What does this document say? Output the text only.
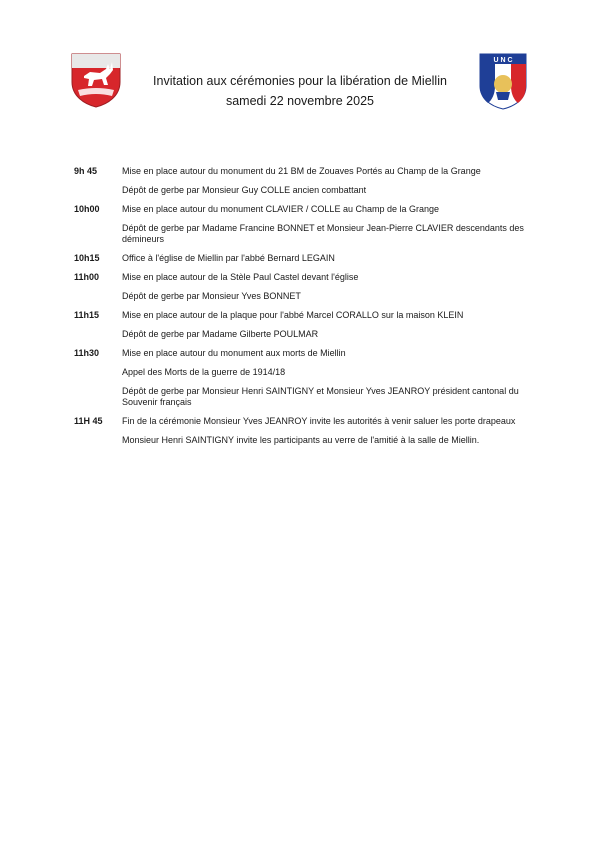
U N C
Invitation aux cérémonies pour la libération de Miellin
samedi 22 novembre 2025
9h 45	Mise en place autour du monument du 21 BM de Zouaves Portés au Champ de la Grange
Dépôt de gerbe par Monsieur Guy COLLE ancien combattant
10h00	Mise en place autour du monument CLAVIER / COLLE au Champ de la Grange
Dépôt de gerbe par Madame Francine BONNET et Monsieur Jean-Pierre CLAVIER descendants des démineurs
10h15	Office à l'église de Miellin par l'abbé Bernard LEGAIN
11h00	Mise en place autour de la Stèle Paul Castel devant l'église
Dépôt de gerbe par Monsieur Yves BONNET
11h15	Mise en place autour de la plaque pour l'abbé Marcel CORALLO sur la maison KLEIN
Dépôt de gerbe par Madame Gilberte POULMAR
11h30	Mise en place autour du monument aux morts de Miellin
Appel des Morts de la guerre de 1914/18
Dépôt de gerbe par Monsieur Henri SAINTIGNY et Monsieur Yves JEANROY président cantonal du Souvenir français
11H 45	Fin de la cérémonie Monsieur Yves JEANROY invite les autorités à venir saluer les porte drapeaux
Monsieur Henri SAINTIGNY invite les participants au verre de l'amitié à la salle de Miellin.
